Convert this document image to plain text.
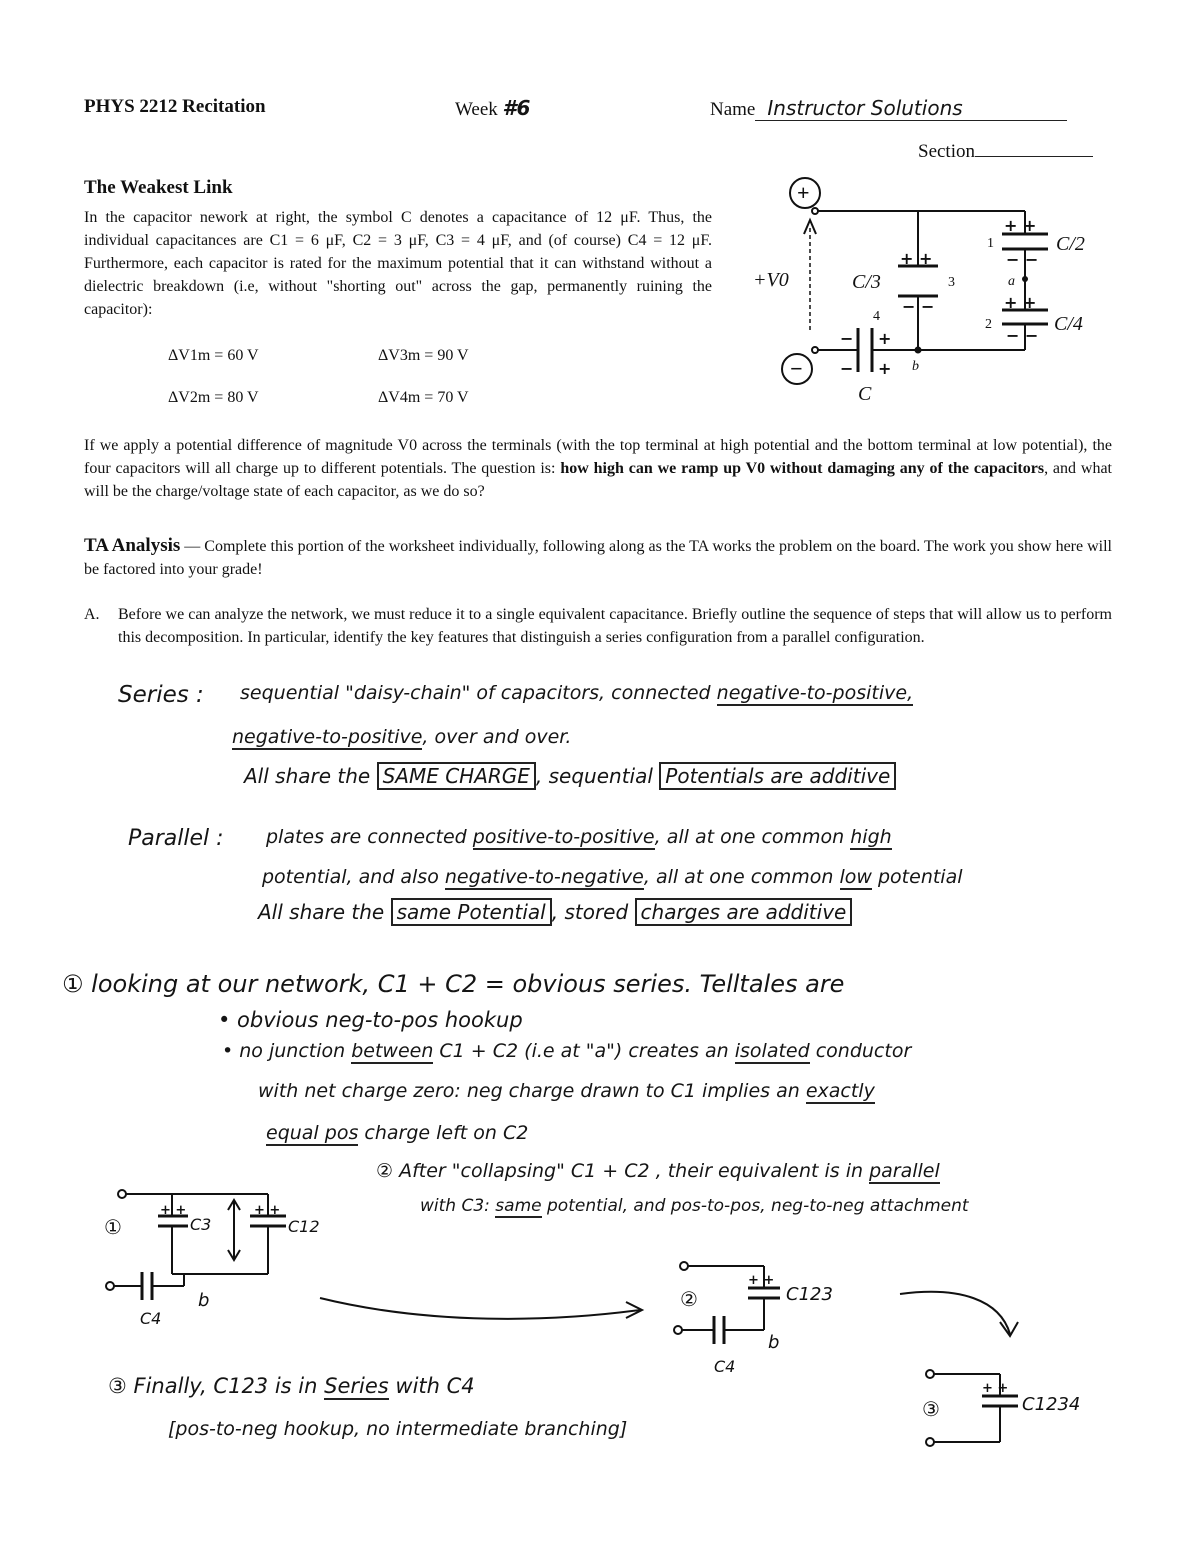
PHYS 2212 Recitation	Week #6	Name Instructor Solutions
Section
The Weakest Link

In the capacitor nework at right, the symbol C denotes a capacitance of 12 μF. Thus, the individual capacitances are C1 = 6 μF, C2 = 3 μF, C3 = 4 μF, and (of course) C4 = 12 μF. Furthermore, each capacitor is rated for the maximum potential that it can withstand without a dielectric breakdown (i.e, without "shorting out" across the gap, permanently ruining the capacitor):

ΔV1m = 60 V	ΔV3m = 90 V
ΔV2m = 80 V	ΔV4m = 70 V
+
−
+V0	C/3
C/2
C/4
C
1
2
3
4
a
b
+ +
− −
+ +
− −
+ +
− −
−
−
+
+

If we apply a potential difference of magnitude V0 across the terminals (with the top terminal at high potential and the bottom terminal at low potential), the four capacitors will all charge up to different potentials. The question is: how high can we ramp up V0 without damaging any of the capacitors, and what will be the charge/voltage state of each capacitor, as we do so?

TA Analysis — Complete this portion of the worksheet individually, following along as the TA works the problem on the board. The work you show here will be factored into your grade!

A. Before we can analyze the network, we must reduce it to a single equivalent capacitance. Briefly outline the sequence of steps that will allow us to perform this decomposition. In particular, identify the key features that distinguish a series configuration from a parallel configuration.

Series : sequential "daisy-chain" of capacitors, connected negative-to-positive,
negative-to-positive, over and over.
All share the SAME CHARGE , sequential Potentials are additive
Parallel : plates are connected positive-to-positive, all at one common high
potential, and also negative-to-negative, all at one common low potential
All share the same Potential , stored charges are additive
① looking at our network, C1 + C2 = obvious series. Telltales are
• obvious neg-to-pos hookup
• no junction between C1 + C2 (i.e at "a") creates an isolated conductor
with net charge zero: neg charge drawn to C1 implies an exactly
equal pos charge left on C2
② After "collapsing" C1 + C2 , their equivalent is in parallel
with C3: same potential, and pos-to-pos, neg-to-neg attachment
①	C3	C12
C4
b
+ +	+ +
②	C123
C4
b
+ +
③ Finally, C123 is in Series with C4
[pos-to-neg hookup, no intermediate branching]
③	C1234
+ +
